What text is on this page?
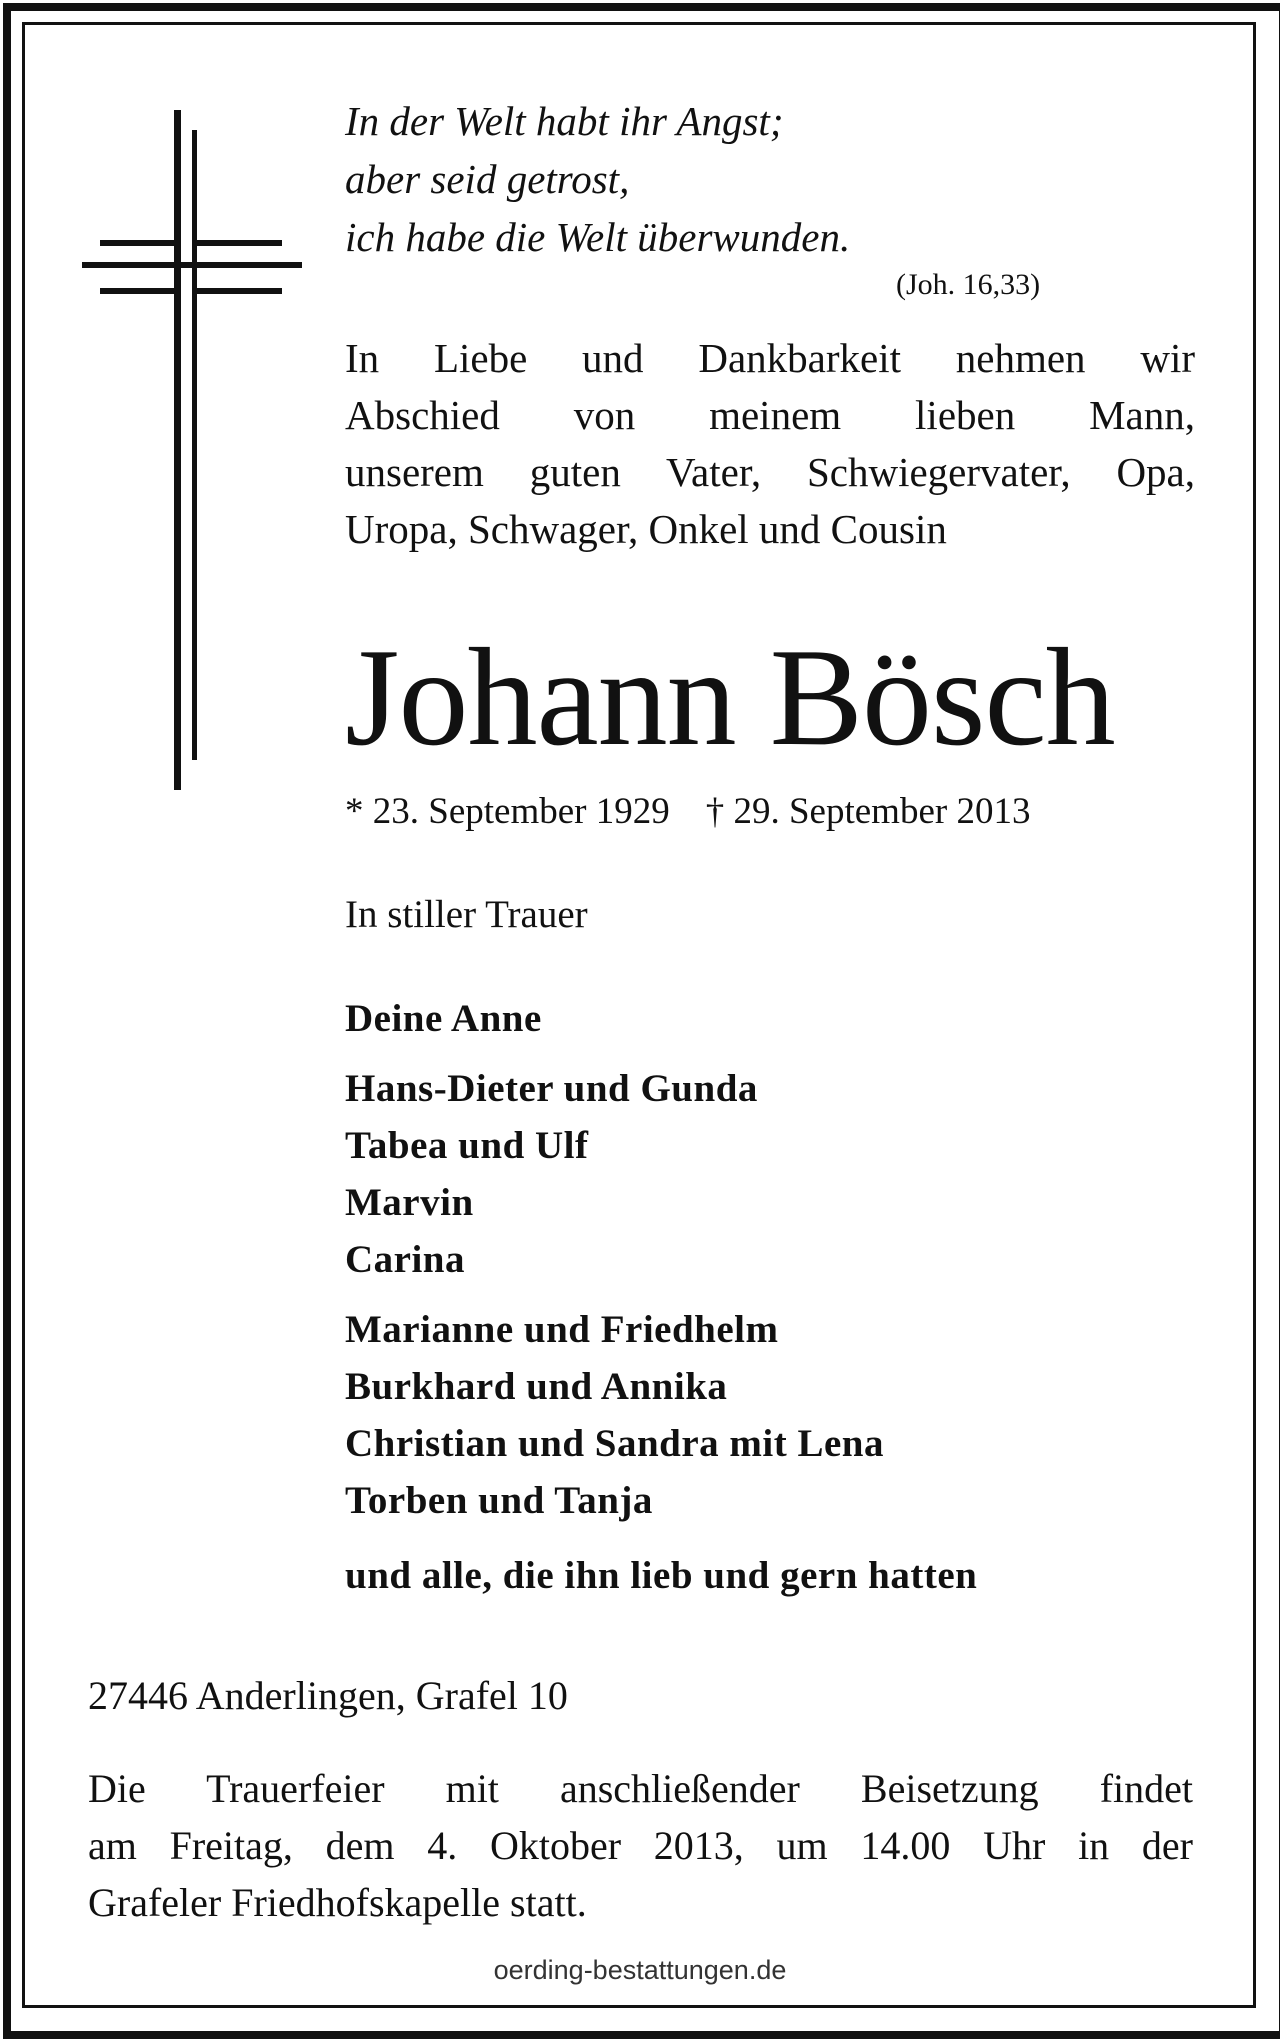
In der Welt habt ihr Angst;
aber seid getrost,
ich habe die Welt überwunden.
(Joh. 16,33)
In Liebe und Dankbarkeit nehmen wir
Abschied von meinem lieben Mann,
unserem guten Vater, Schwiegervater, Opa,
Uropa, Schwager, Onkel und Cousin
Johann Bösch
* 23. September 1929 † 29. September 2013
In stiller Trauer
Deine Anne
Hans-Dieter und Gunda
Tabea und Ulf
Marvin
Carina
Marianne und Friedhelm
Burkhard und Annika
Christian und Sandra mit Lena
Torben und Tanja
und alle, die ihn lieb und gern hatten
27446 Anderlingen, Grafel 10
Die Trauerfeier mit anschließender Beisetzung findet
am Freitag, dem 4. Oktober 2013, um 14.00 Uhr in der
Grafeler Friedhofskapelle statt.
oerding-bestattungen.de
